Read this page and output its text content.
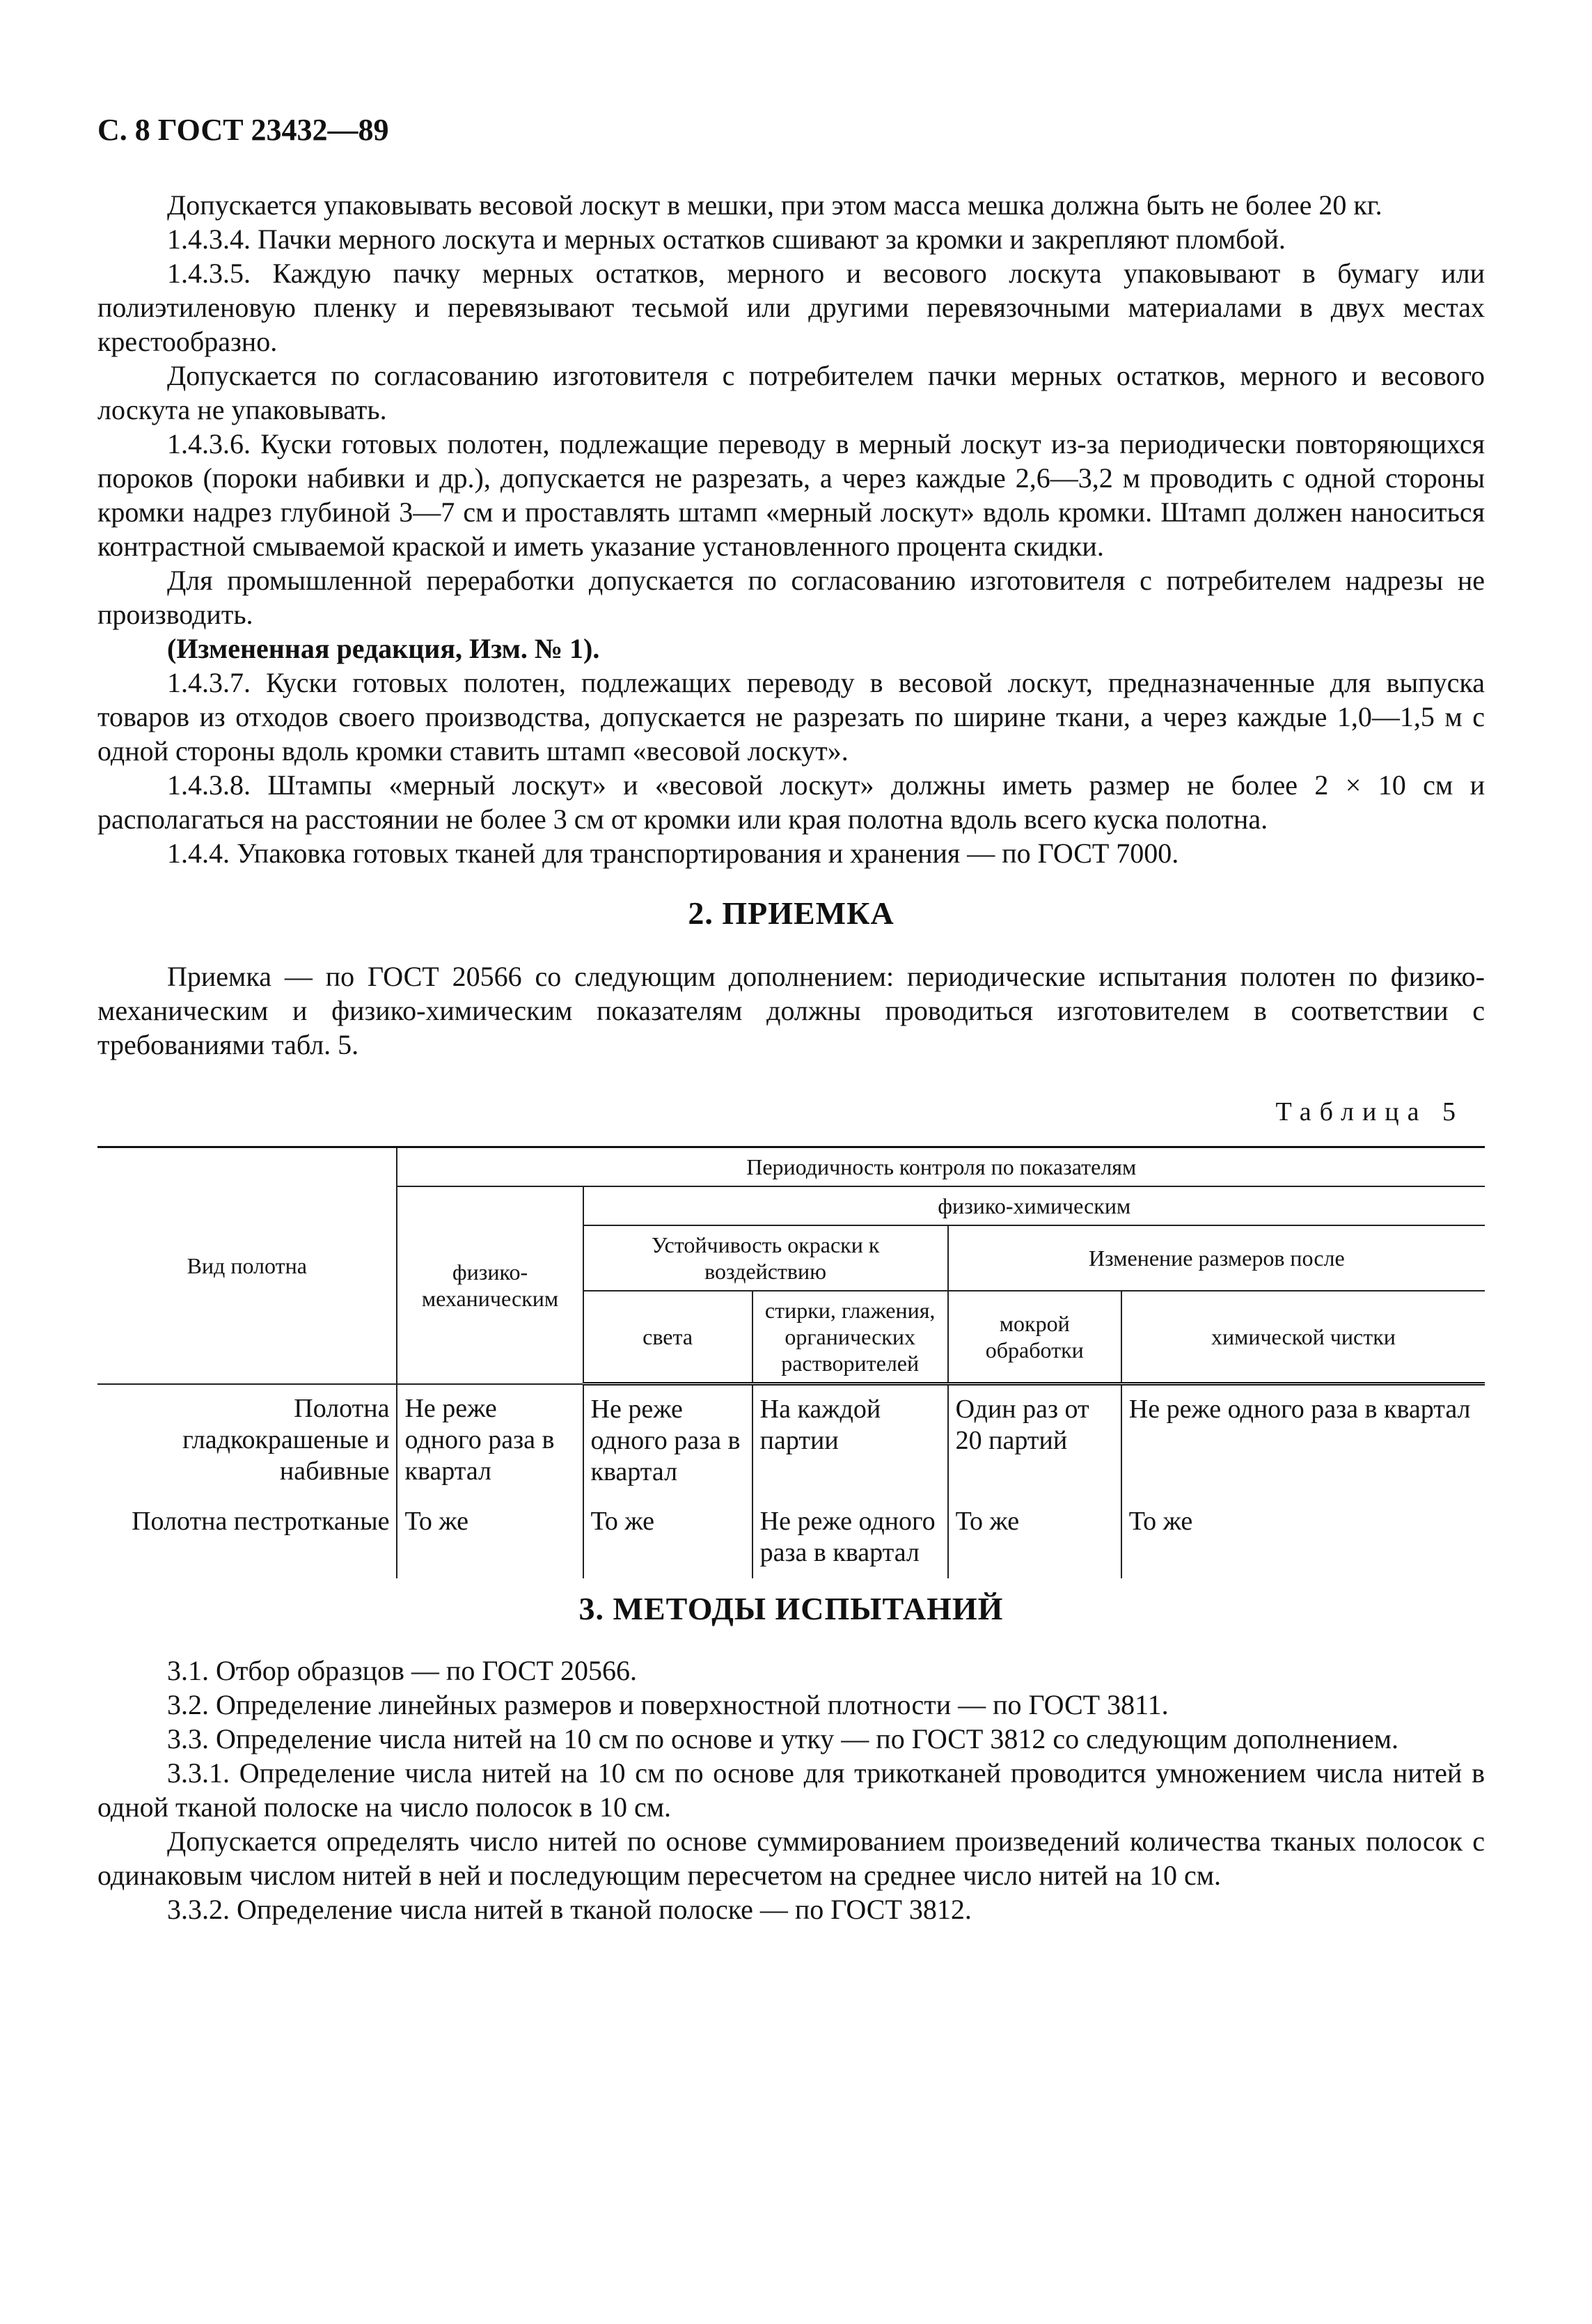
С. 8 ГОСТ 23432—89

Допускается упаковывать весовой лоскут в мешки, при этом масса мешка должна быть не более 20 кг.

1.4.3.4. Пачки мерного лоскута и мерных остатков сшивают за кромки и закрепляют пломбой.

1.4.3.5. Каждую пачку мерных остатков, мерного и весового лоскута упаковывают в бумагу или полиэтиленовую пленку и перевязывают тесьмой или другими перевязочными материалами в двух местах крестообразно.

Допускается по согласованию изготовителя с потребителем пачки мерных остатков, мерного и весового лоскута не упаковывать.

1.4.3.6. Куски готовых полотен, подлежащие переводу в мерный лоскут из-за периодически повторяющихся пороков (пороки набивки и др.), допускается не разрезать, а через каждые 2,6—3,2 м проводить с одной стороны кромки надрез глубиной 3—7 см и проставлять штамп «мерный лоскут» вдоль кромки. Штамп должен наноситься контрастной смываемой краской и иметь указание установленного процента скидки.

Для промышленной переработки допускается по согласованию изготовителя с потребителем надрезы не производить.

(Измененная редакция, Изм. № 1).

1.4.3.7. Куски готовых полотен, подлежащих переводу в весовой лоскут, предназначенные для выпуска товаров из отходов своего производства, допускается не разрезать по ширине ткани, а через каждые 1,0—1,5 м с одной стороны вдоль кромки ставить штамп «весовой лоскут».

1.4.3.8. Штампы «мерный лоскут» и «весовой лоскут» должны иметь размер не более 2 × 10 см и располагаться на расстоянии не более 3 см от кромки или края полотна вдоль всего куска полотна.

1.4.4. Упаковка готовых тканей для транспортирования и хранения — по ГОСТ 7000.

2. ПРИЕМКА

Приемка — по ГОСТ 20566 со следующим дополнением: периодические испытания полотен по физико-механическим и физико-химическим показателям должны проводиться изготовителем в соответствии с требованиями табл. 5.

Таблица 5
Вид полотна	Периодичность контроля по показателям				
	физико-механическим	физико-химическим			
		Устойчивость окраски к воздействию		Изменение размеров после	
		света	стирки, глажения, органических растворителей	мокрой обработки	химической чистки
Полотна гладкокрашеные и набивные	Не реже одного раза в квартал	Не реже одного раза в квартал	На каждой партии	Один раз от 20 партий	Не реже одного раза в квартал
Полотна пестротканые	То же	То же	Не реже одного раза в квартал	То же	То же
3. МЕТОДЫ ИСПЫТАНИЙ

3.1. Отбор образцов — по ГОСТ 20566.

3.2. Определение линейных размеров и поверхностной плотности — по ГОСТ 3811.

3.3. Определение числа нитей на 10 см по основе и утку — по ГОСТ 3812 со следующим дополнением.

3.3.1. Определение числа нитей на 10 см по основе для трикотканей проводится умножением числа нитей в одной тканой полоске на число полосок в 10 см.

Допускается определять число нитей по основе суммированием произведений количества тканых полосок с одинаковым числом нитей в ней и последующим пересчетом на среднее число нитей на 10 см.

3.3.2. Определение числа нитей в тканой полоске — по ГОСТ 3812.
